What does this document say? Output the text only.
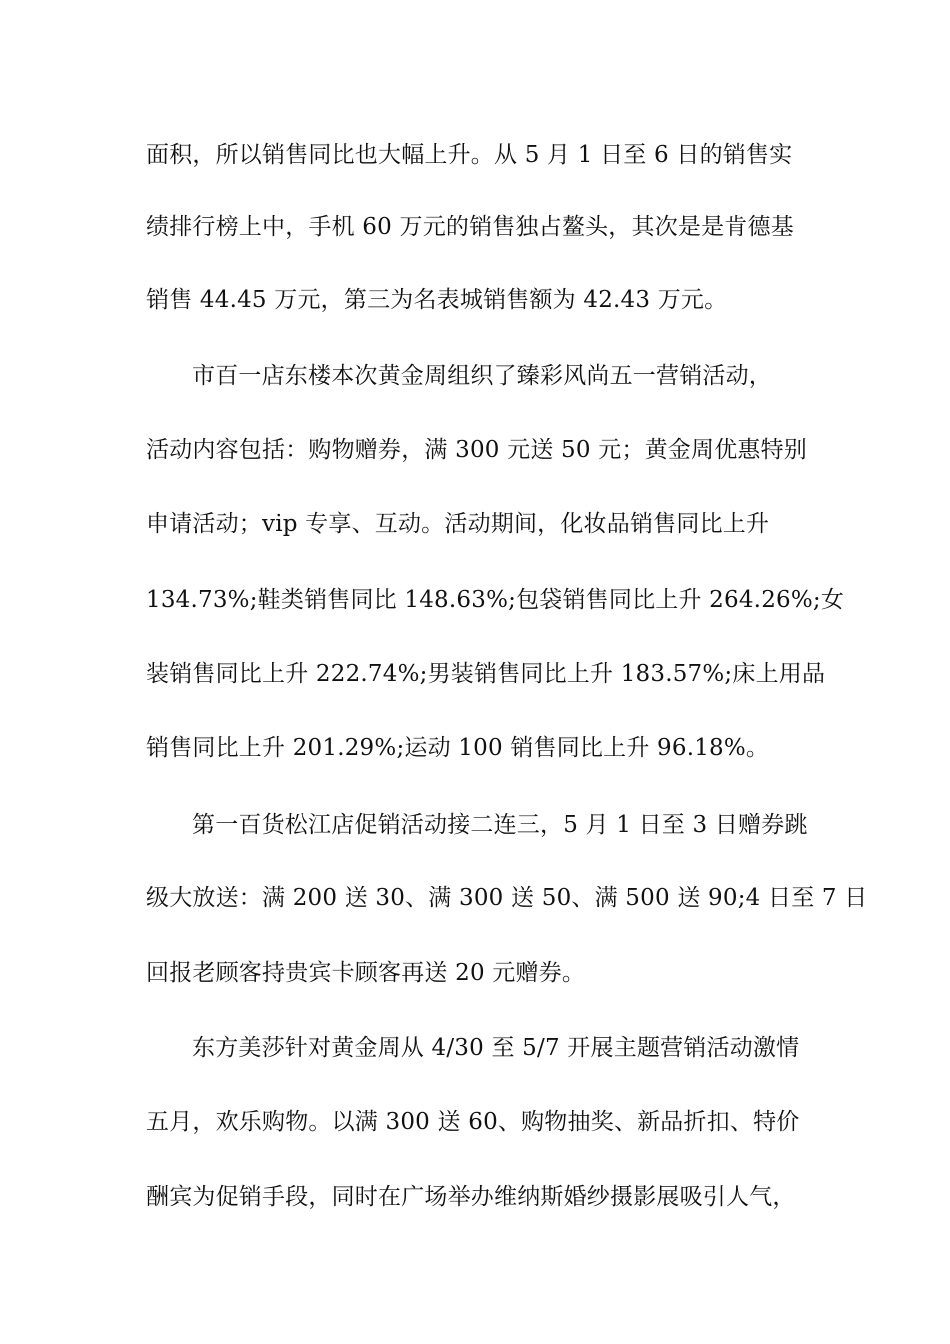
面积，所以销售同比也大幅上升。从 5 月 1 日至 6 日的销售实
绩排行榜上中，手机 60 万元的销售独占鳌头，其次是是肯德基
销售 44.45 万元，第三为名表城销售额为 42.43 万元。
市百一店东楼本次黄金周组织了臻彩风尚五一营销活动，
活动内容包括：购物赠券，满 300 元送 50 元；黄金周优惠特别
申请活动；vip 专享、互动。活动期间，化妆品销售同比上升
134.73%;鞋类销售同比 148.63%;包袋销售同比上升 264.26%;女
装销售同比上升 222.74%;男装销售同比上升 183.57%;床上用品
销售同比上升 201.29%;运动 100 销售同比上升 96.18%。
第一百货松江店促销活动接二连三，5 月 1 日至 3 日赠券跳
级大放送：满 200 送 30、满 300 送 50、满 500 送 90;4 日至 7 日
回报老顾客持贵宾卡顾客再送 20 元赠券。
东方美莎针对黄金周从 4/30 至 5/7 开展主题营销活动激情
五月，欢乐购物。以满 300 送 60、购物抽奖、新品折扣、特价
酬宾为促销手段，同时在广场举办维纳斯婚纱摄影展吸引人气，
